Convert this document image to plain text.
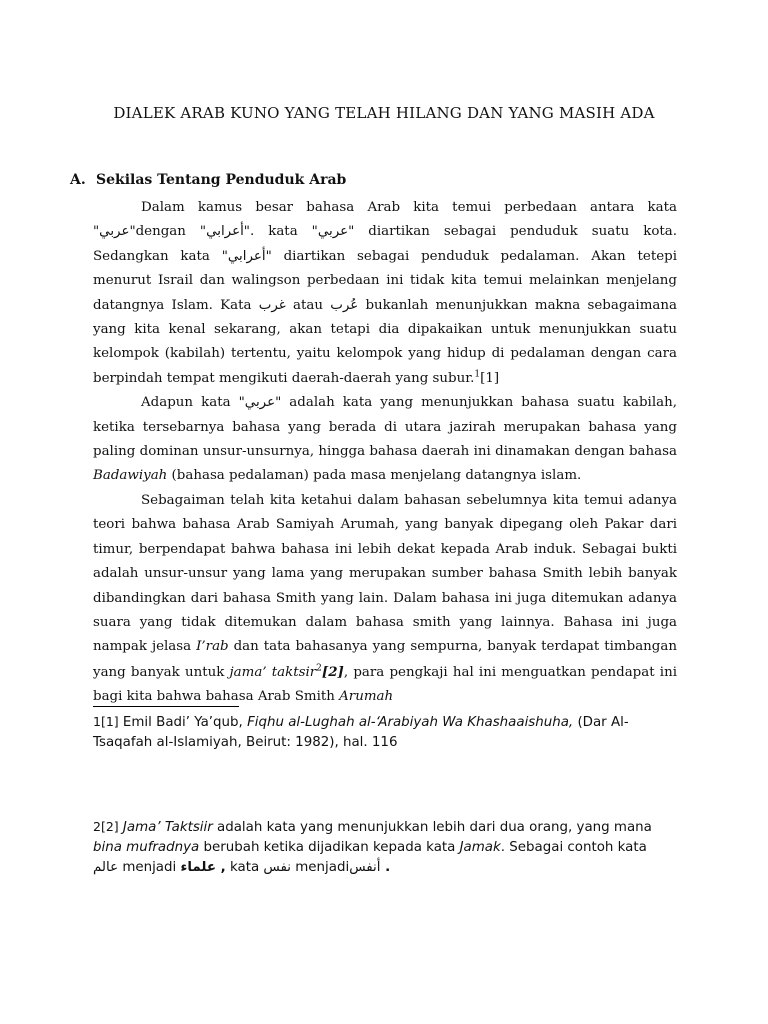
DIALEK ARAB KUNO YANG TELAH HILANG DAN YANG MASIH ADA
A. Sekilas Tentang Penduduk Arab

Dalam kamus besar bahasa Arab kita temui perbedaan antara kata "عربي"dengan "أعرابي". kata "عربي" diartikan sebagai penduduk suatu kota. Sedangkan kata "أعرابي" diartikan sebagai penduduk pedalaman. Akan tetepi menurut Israil dan walingson perbedaan ini tidak kita temui melainkan menjelang datangnya Islam. Kata غرب atau عُرب bukanlah menunjukkan makna sebagaimana yang kita kenal sekarang, akan tetapi dia dipakaikan untuk menunjukkan suatu kelompok (kabilah) tertentu, yaitu kelompok yang hidup di pedalaman dengan cara berpindah tempat mengikuti daerah-daerah yang subur.$^1$[1]

Adapun kata "عربي" adalah kata yang menunjukkan bahasa suatu kabilah, ketika tersebarnya bahasa yang berada di utara jazirah merupakan bahasa yang paling dominan unsur-unsurnya, hingga bahasa daerah ini dinamakan dengan bahasa Badawiyah (bahasa pedalaman) pada masa menjelang datangnya islam.

Sebagaiman telah kita ketahui dalam bahasan sebelumnya kita temui adanya teori bahwa bahasa Arab Samiyah Arumah, yang banyak dipegang oleh Pakar dari timur, berpendapat bahwa bahasa ini lebih dekat kepada Arab induk. Sebagai bukti adalah unsur-unsur yang lama yang merupakan sumber bahasa Smith lebih banyak dibandingkan dari bahasa Smith yang lain. Dalam bahasa ini juga ditemukan adanya suara yang tidak ditemukan dalam bahasa smith yang lainnya. Bahasa ini juga nampak jelasa I’rab dan tata bahasanya yang sempurna, banyak terdapat timbangan yang banyak untuk jama’ taktsir$^2$[2], para pengkaji hal ini menguatkan pendapat ini bagi kita bahwa bahasa Arab Smith Arumah

1[1] Emil Badi’ Ya’qub, Fiqhu al-Lughah al-‘Arabiyah Wa Khashaaishuha, (Dar Al-Tsaqafah al-Islamiyah, Beirut: 1982), hal. 116
2[2] Jama’ Taktsiir adalah kata yang menunjukkan lebih dari dua orang, yang mana bina mufradnya berubah ketika dijadikan kepada kata Jamak. Sebagai contoh kata عالم menjadi علماء , kata نفس menjadiأنفس .
